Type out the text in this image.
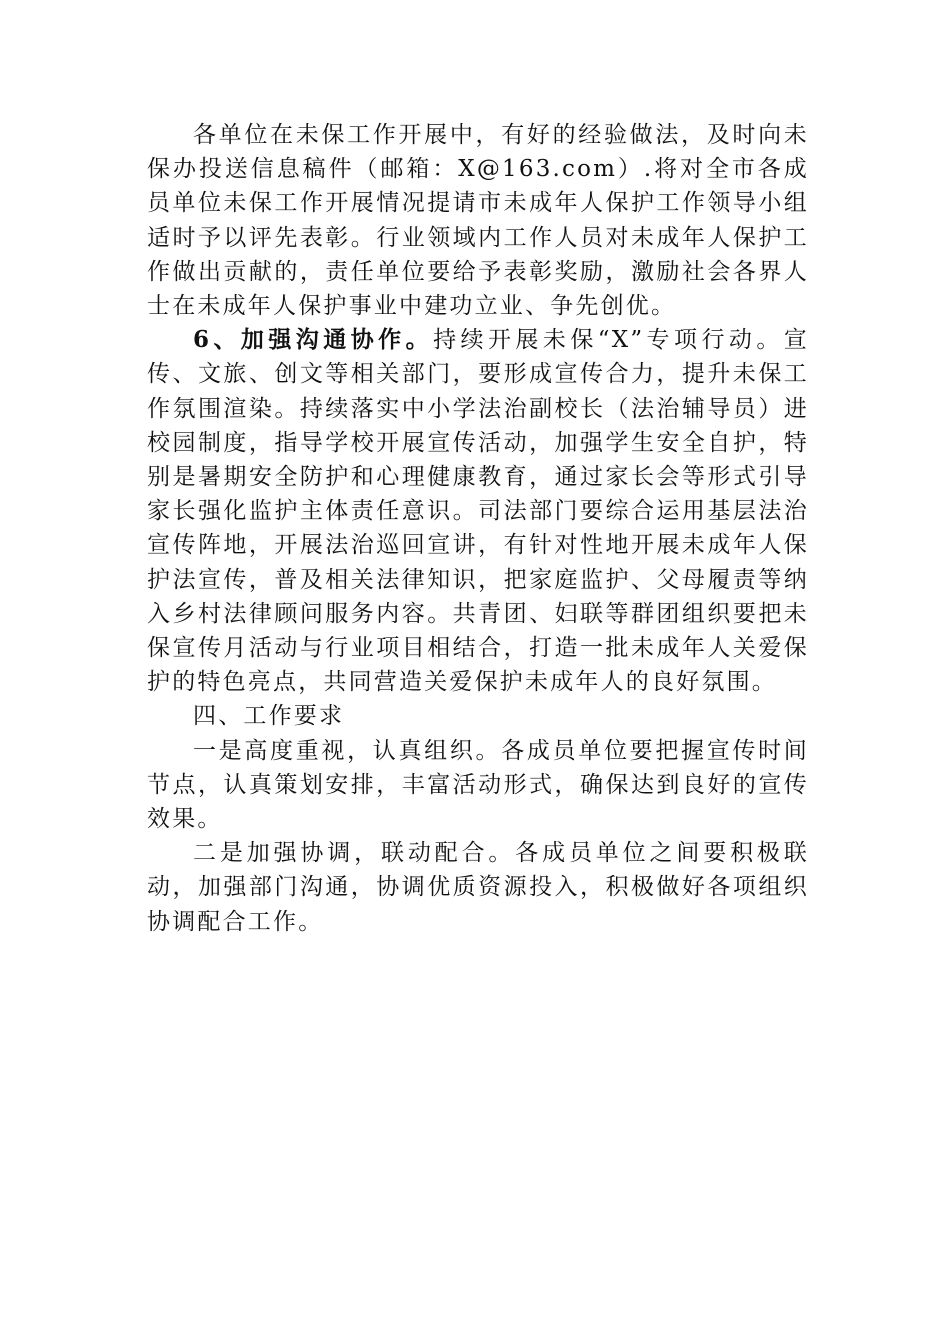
各单位在未保工作开展中，有好的经验做法，及时向未保办投送信息稿件（邮箱：X@163.com）.将对全市各成员单位未保工作开展情况提请市未成年人保护工作领导小组适时予以评先表彰。行业领域内工作人员对未成年人保护工作做出贡献的，责任单位要给予表彰奖励，激励社会各界人士在未成年人保护事业中建功立业、争先创优。

6、加强沟通协作。持续开展未保“X”专项行动。宣传、文旅、创文等相关部门，要形成宣传合力，提升未保工作氛围渲染。持续落实中小学法治副校长（法治辅导员）进校园制度，指导学校开展宣传活动，加强学生安全自护，特别是暑期安全防护和心理健康教育，通过家长会等形式引导家长强化监护主体责任意识。司法部门要综合运用基层法治宣传阵地，开展法治巡回宣讲，有针对性地开展未成年人保护法宣传，普及相关法律知识，把家庭监护、父母履责等纳入乡村法律顾问服务内容。共青团、妇联等群团组织要把未保宣传月活动与行业项目相结合，打造一批未成年人关爱保护的特色亮点，共同营造关爱保护未成年人的良好氛围。

四、工作要求

一是高度重视，认真组织。各成员单位要把握宣传时间节点，认真策划安排，丰富活动形式，确保达到良好的宣传效果。

二是加强协调，联动配合。各成员单位之间要积极联动，加强部门沟通，协调优质资源投入，积极做好各项组织协调配合工作。
